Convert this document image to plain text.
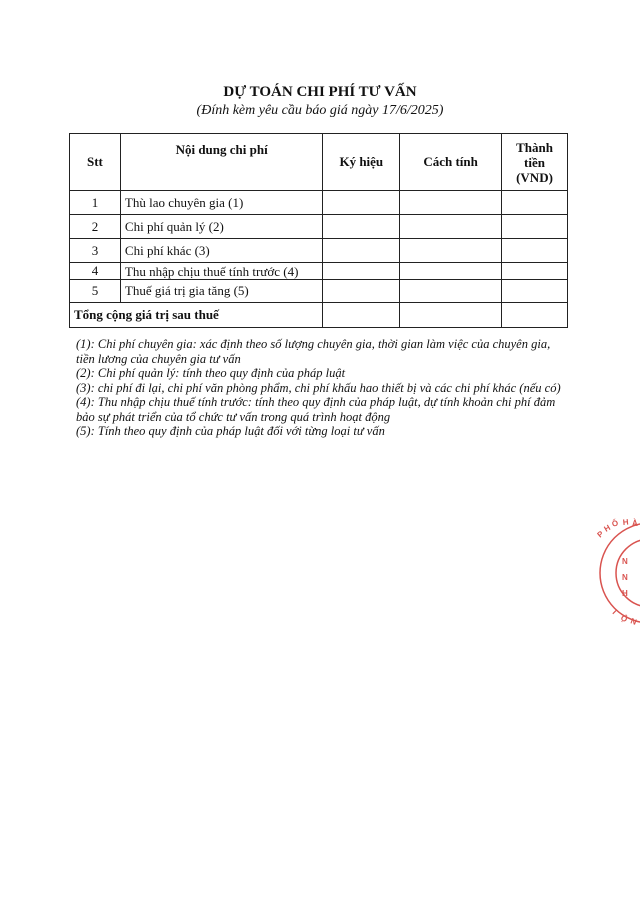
DỰ TOÁN CHI PHÍ TƯ VẤN
(Đính kèm yêu cầu báo giá ngày 17/6/2025)
Stt	Nội dung chi phí	Ký hiệu	Cách tính	Thành
tiền
(VND)

1	Thù lao chuyên gia (1)			
2	Chi phí quản lý (2)			
3	Chi phí khác (3)			
4	Thu nhập chịu thuế tính trước (4)			
5	Thuế giá trị gia tăng (5)			
Tổng cộng giá trị sau thuế				
(1): Chi phí chuyên gia: xác định theo số lượng chuyên gia, thời gian làm việc của chuyên gia,
tiền lương của chuyên gia tư vấn
(2): Chi phí quản lý: tính theo quy định của pháp luật
(3): chi phí đi lại, chi phí văn phòng phẩm, chi phí khấu hao thiết bị và các chi phí khác (nếu có)
(4): Thu nhập chịu thuế tính trước: tính theo quy định của pháp luật, dự tính khoản chi phí đảm
bảo sự phát triển của tổ chức tư vấn trong quá trình hoạt động
(5): Tính theo quy định của pháp luật đối với từng loại tư vấn
P
H
Ố H À
N
N
H
N
Ộ
I
